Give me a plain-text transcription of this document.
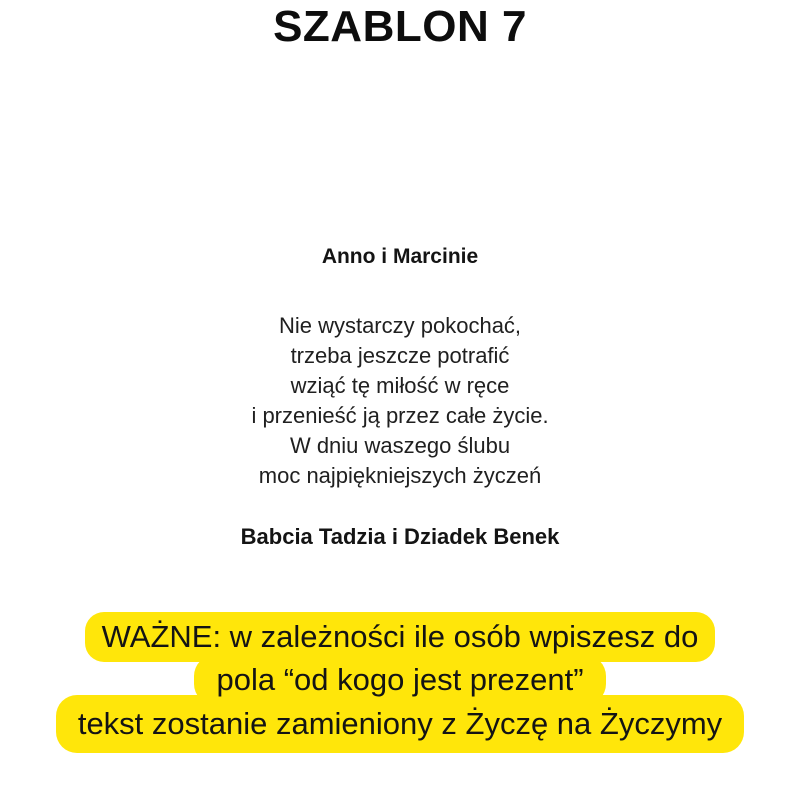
SZABLON 7
Anno i Marcinie
Nie wystarczy pokochać,
trzeba jeszcze potrafić
wziąć tę miłość w ręce
i przenieść ją przez całe życie.
W dniu waszego ślubu
moc najpiękniejszych życzeń
Babcia Tadzia i Dziadek Benek
WAŻNE: w zależności ile osób wpiszesz do
pola “od kogo jest prezent”
tekst zostanie zamieniony z Życzę na Życzymy
